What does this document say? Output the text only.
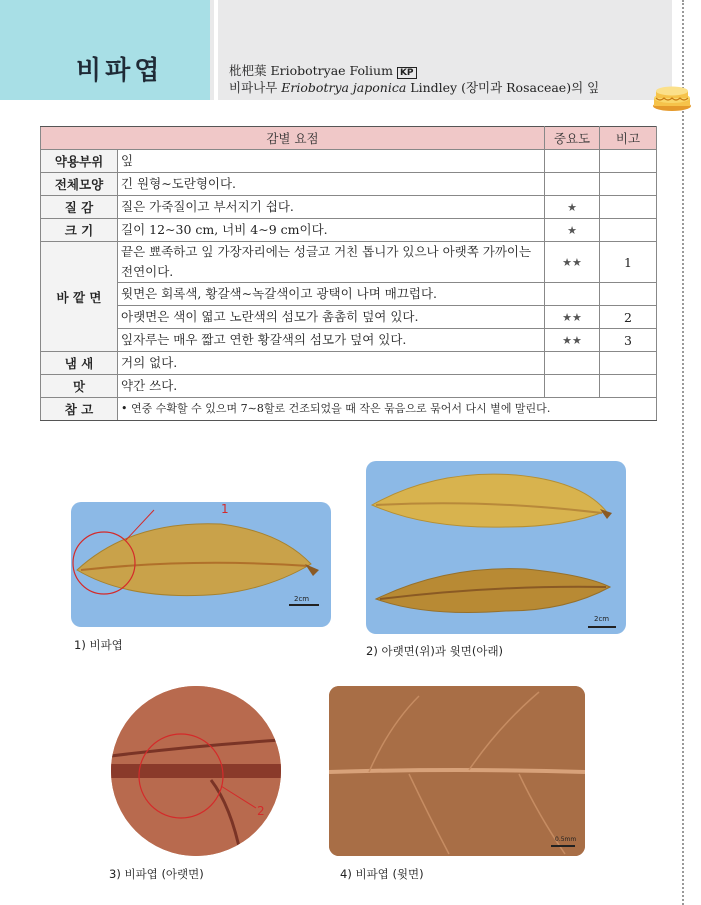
비파엽	枇杷葉 Eriobotryae Folium KP
비파나무 Eriobotrya japonica Lindley (장미과 Rosaceae)의 잎
감별 요점		중요도	비고
약용부위	잎		
전체모양	긴 원형∼도란형이다.		
질 감	질은 가죽질이고 부서지기 쉽다.	★	
크 기	길이 12∼30 cm, 너비 4∼9 cm이다.	★	
바 깥 면	끝은 뾰족하고 잎 가장자리에는 성글고 거친 톱니가 있으나 아랫쪽 가까이는 전연이다.	★★	1
	윗면은 회록색, 황갈색∼녹갈색이고 광택이 나며 매끄럽다.		
	아랫면은 색이 엷고 노란색의 섬모가 촘촘히 덮여 있다.	★★	2
	잎자루는 매우 짧고 연한 황갈색의 섬모가 덮여 있다.	★★	3
냄 새	거의 없다.		
맛	약간 쓰다.		
참 고	• 연중 수확할 수 있으며 7∼8할로 건조되었을 때 작은 묶음으로 묶어서 다시 볕에 말린다.		
1
2cm
1) 비파엽
2cm
2) 아랫면(위)과 윗면(아래)
2
3) 비파엽 (아랫면)
0.5mm
4) 비파엽 (윗면)
